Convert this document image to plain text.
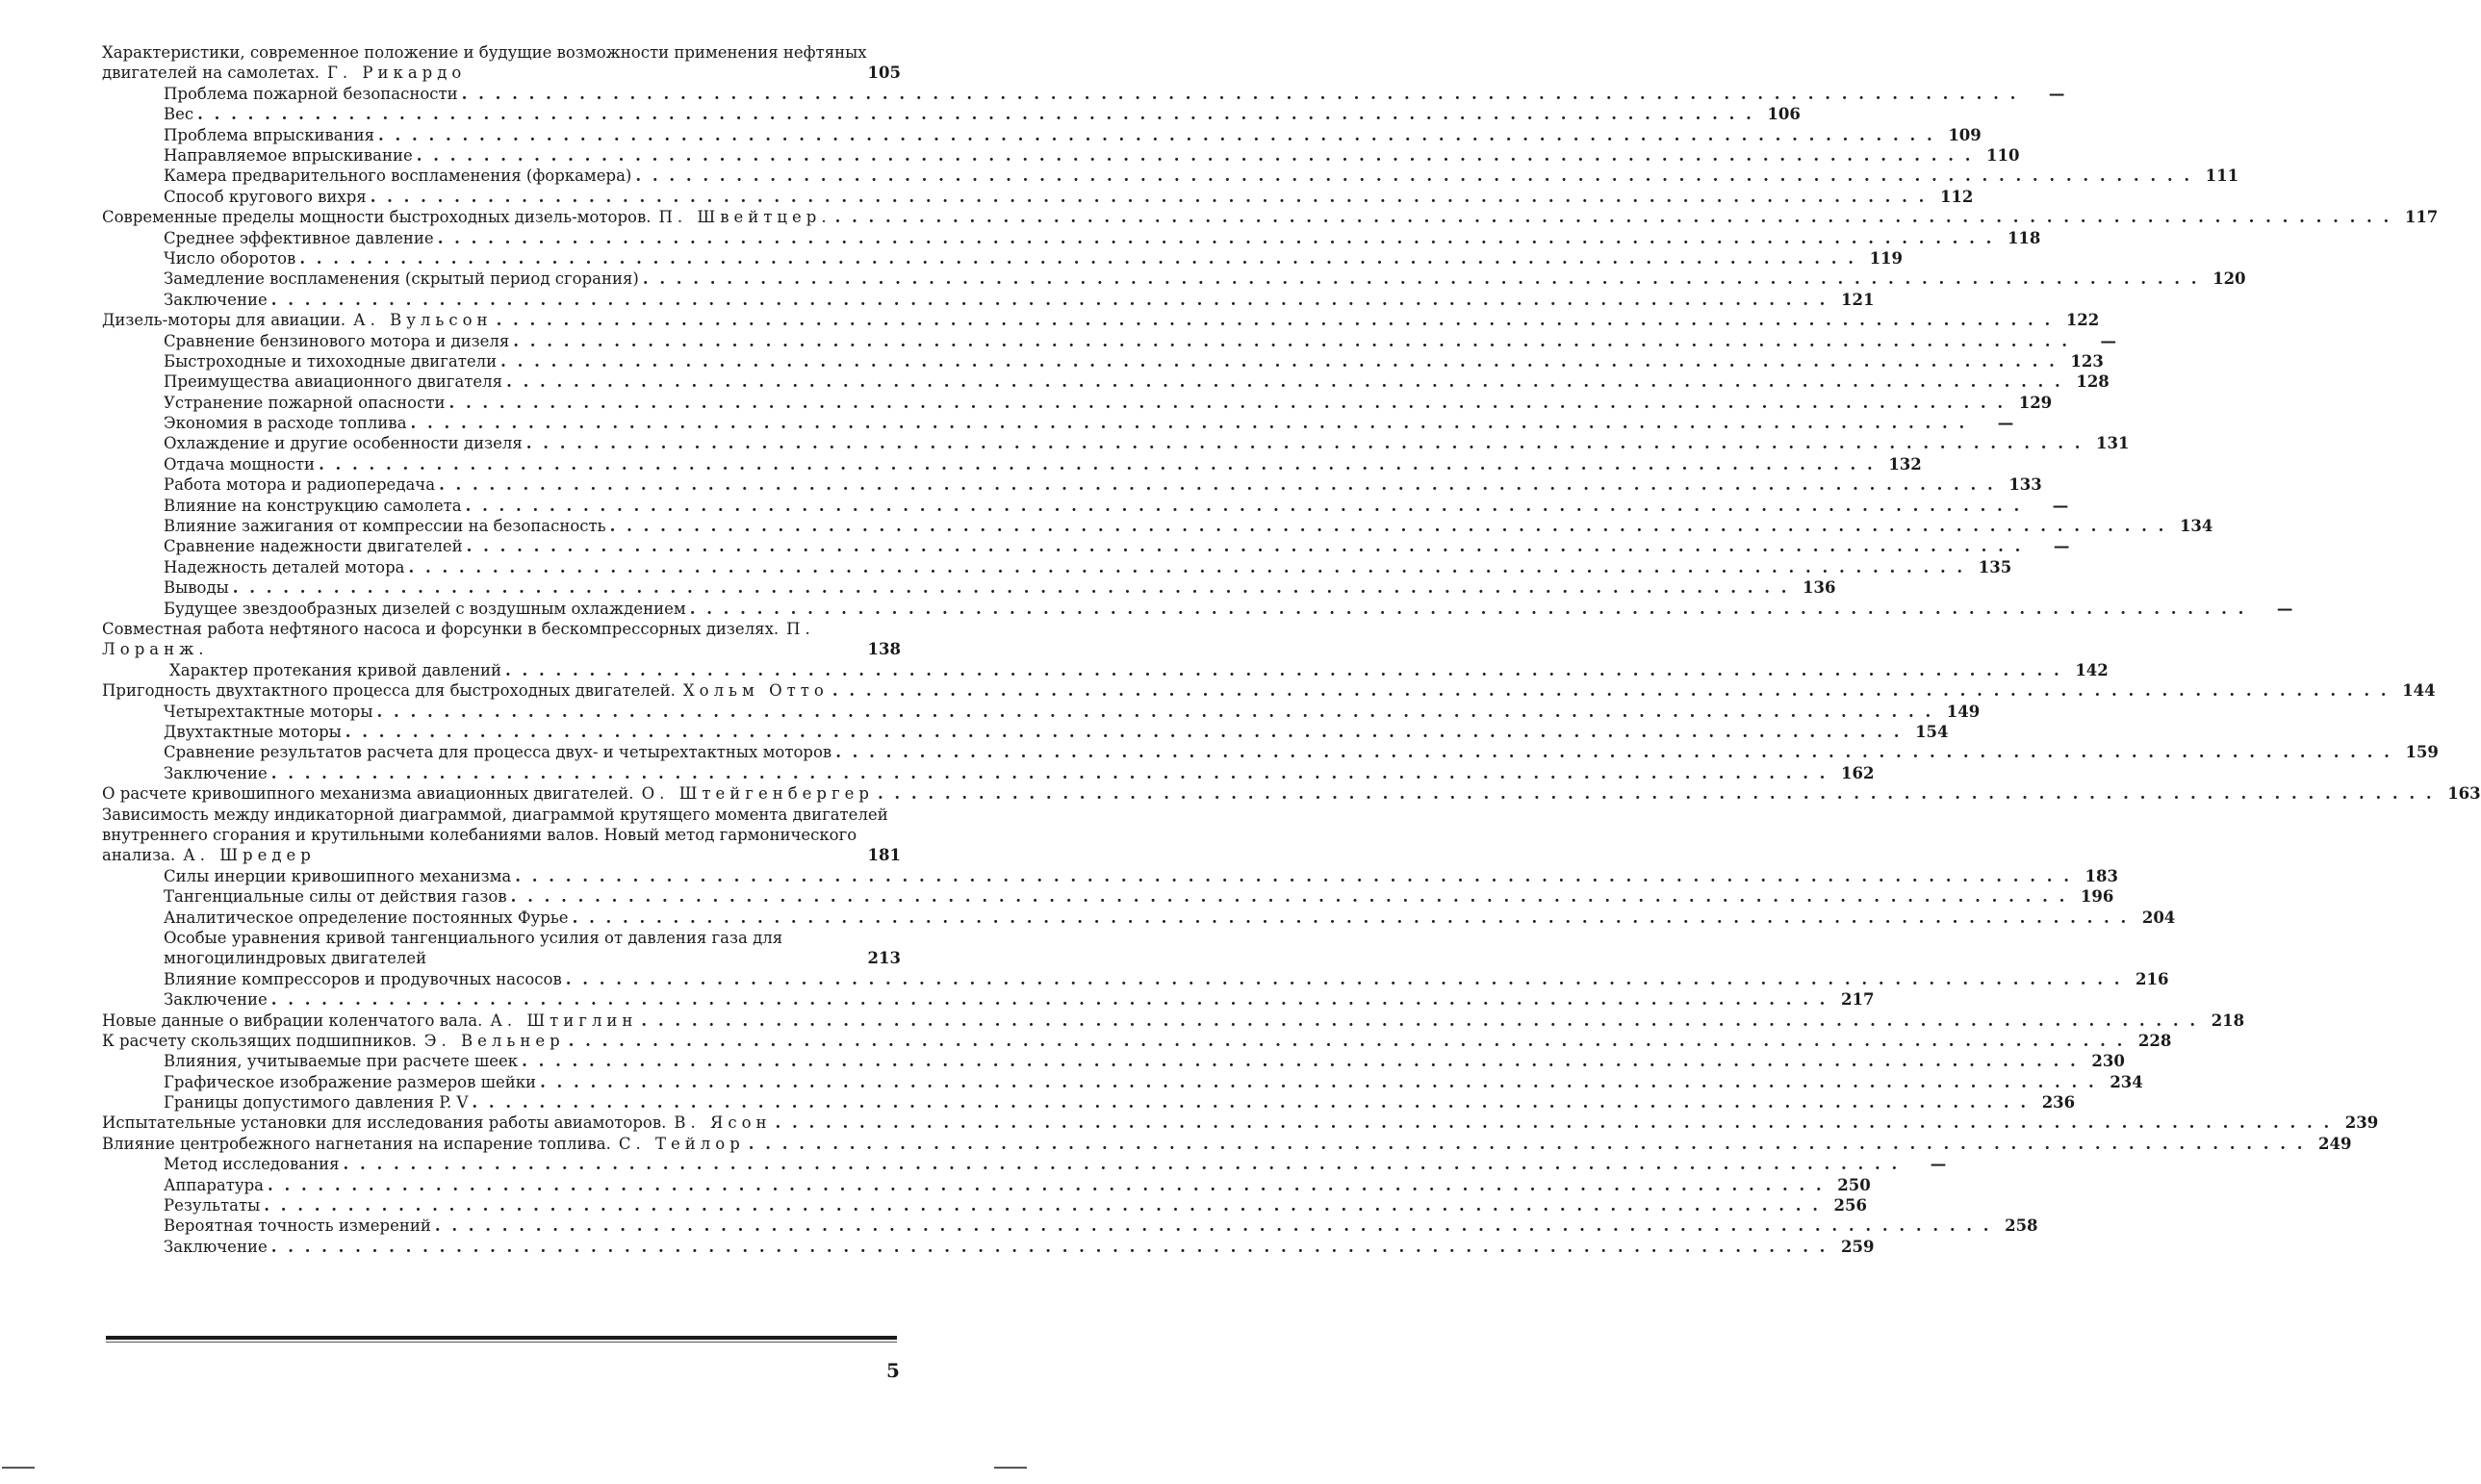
Характеристики, современное положение и будущие возможности применения нефтяных двигателей на самолетах. Г. Рикардо	105
Проблема пожарной безопасности . . .	—
Вес . . .	106
Проблема впрыскивания . . .	109
Направляемое впрыскивание . . .	110
Камера предварительного воспламенения (форкамера) . . .	111
Способ кругового вихря . . .	112
Современные пределы мощности быстроходных дизель-моторов. П. Швейтцер. . . .	117
Среднее эффективное давление . . .	118
Число оборотов . . .	119
Замедление воспламенения (скрытый период сгорания) . . .	120
Заключение . . .	121
Дизель-моторы для авиации. А. Вульсон . . .	122
Сравнение бензинового мотора и дизеля . . .	—
Быстроходные и тихоходные двигатели . . .	123
Преимущества авиационного двигателя . . .	128
Устранение пожарной опасности . . .	129
Экономия в расходе топлива . . .	—
Охлаждение и другие особенности дизеля . . .	131
Отдача мощности . . .	132
Работа мотора и радиопередача . . .	133
Влияние на конструкцию самолета . . .	—
Влияние зажигания от компрессии на безопасность . . .	134
Сравнение надежности двигателей . . .	—
Надежность деталей мотора . . .	135
Выводы . . .	136
Будущее звездообразных дизелей с воздушным охлаждением . . .	—
Совместная работа нефтяного насоса и форсунки в бескомпрессорных дизелях. П. Лоранж.	138
Характер протекания кривой давлений . . .	142
Пригодность двухтактного процесса для быстроходных двигателей. Хольм Отто . . .	144
Четырехтактные моторы . . .	149
Двухтактные моторы . . .	154
Сравнение результатов расчета для процесса двух- и четырехтактных моторов . . .	159
Заключение . . .	162
О расчете кривошипного механизма авиационных двигателей. О. Штейгенбергер . . .	163
Зависимость между индикаторной диаграммой, диаграммой крутящего момента двигателей внутреннего сгорания и крутильными колебаниями валов. Новый метод гармонического анализа. А. Шредер	181
Силы инерции кривошипного механизма . . .	183
Тангенциальные силы от действия газов . . .	196
Аналитическое определение постоянных Фурье . . .	204
Особые уравнения кривой тангенциального усилия от давления газа для многоцилиндровых двигателей	213
Влияние компрессоров и продувочных насосов . . .	216
Заключение . . .	217
Новые данные о вибрации коленчатого вала. А. Штиглин . . .	218
К расчету скользящих подшипников. Э. Вельнер . . .	228
Влияния, учитываемые при расчете шеек . . .	230
Графическое изображение размеров шейки . . .	234
Границы допустимого давления P. V . . .	236
Испытательные установки для исследования работы авиамоторов. В. Ясон . . .	239
Влияние центробежного нагнетания на испарение топлива. С. Тейлор . . .	249
Метод исследования . . .	—
Аппаратура . . .	250
Результаты . . .	256
Вероятная точность измерений . . .	258
Заключение . . .	259
5
